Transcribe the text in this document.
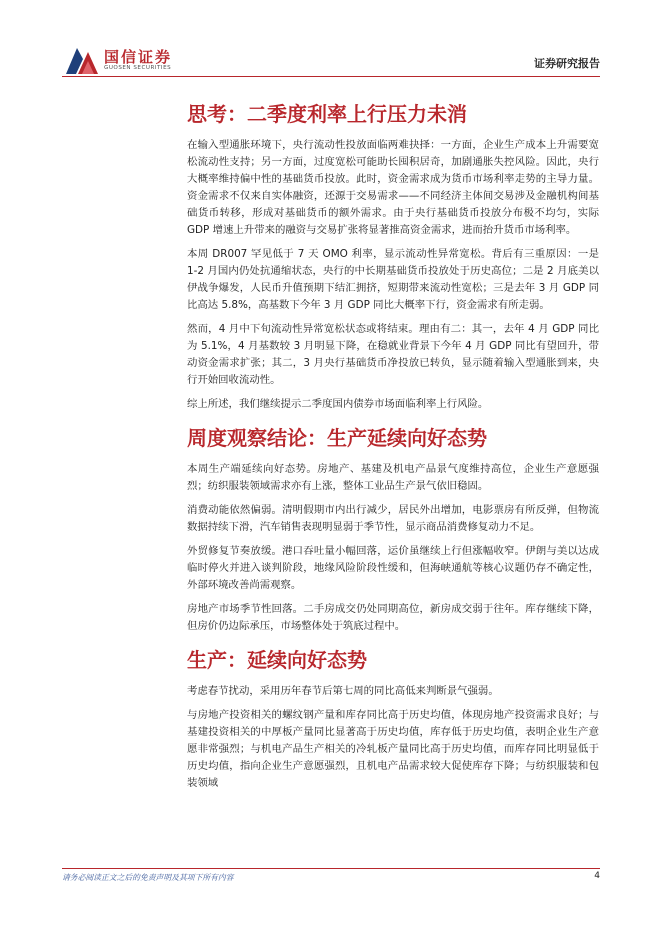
国信证券
GUOSEN SECURITIES	证券研究报告
思考：二季度利率上行压力未消

在输入型通胀环境下，央行流动性投放面临两难抉择：一方面，企业生产成本上升需要宽松流动性支持；另一方面，过度宽松可能助长囤积居奇，加剧通胀失控风险。因此，央行大概率维持偏中性的基础货币投放。此时，资金需求成为货币市场利率走势的主导力量。资金需求不仅来自实体融资，还源于交易需求——不同经济主体间交易涉及金融机构间基础货币转移，形成对基础货币的额外需求。由于央行基础货币投放分布极不均匀，实际 GDP 增速上升带来的融资与交易扩张将显著推高资金需求，进而抬升货币市场利率。

本周 DR007 罕见低于 7 天 OMO 利率，显示流动性异常宽松。背后有三重原因：一是 1-2 月国内仍处抗通缩状态，央行的中长期基础货币投放处于历史高位；二是 2 月底美以伊战争爆发，人民币升值预期下结汇拥挤，短期带来流动性宽松；三是去年 3 月 GDP 同比高达 5.8%，高基数下今年 3 月 GDP 同比大概率下行，资金需求有所走弱。

然而，4 月中下旬流动性异常宽松状态或将结束。理由有二：其一，去年 4 月 GDP 同比为 5.1%，4 月基数较 3 月明显下降，在稳就业背景下今年 4 月 GDP 同比有望回升，带动资金需求扩张；其二，3 月央行基础货币净投放已转负，显示随着输入型通胀到来，央行开始回收流动性。

综上所述，我们继续提示二季度国内债券市场面临利率上行风险。

周度观察结论：生产延续向好态势

本周生产端延续向好态势。房地产、基建及机电产品景气度维持高位，企业生产意愿强烈；纺织服装领域需求亦有上涨，整体工业品生产景气依旧稳固。

消费动能依然偏弱。清明假期市内出行减少，居民外出增加，电影票房有所反弹，但物流数据持续下滑，汽车销售表现明显弱于季节性，显示商品消费修复动力不足。

外贸修复节奏放缓。港口吞吐量小幅回落，运价虽继续上行但涨幅收窄。伊朗与美以达成临时停火并进入谈判阶段，地缘风险阶段性缓和，但海峡通航等核心议题仍存不确定性，外部环境改善尚需观察。

房地产市场季节性回落。二手房成交仍处同期高位，新房成交弱于往年。库存继续下降，但房价仍边际承压，市场整体处于筑底过程中。

生产：延续向好态势

考虑春节扰动，采用历年春节后第七周的同比高低来判断景气强弱。

与房地产投资相关的螺纹钢产量和库存同比高于历史均值，体现房地产投资需求良好；与基建投资相关的中厚板产量同比显著高于历史均值，库存低于历史均值，表明企业生产意愿非常强烈；与机电产品生产相关的冷轧板产量同比高于历史均值，而库存同比明显低于历史均值，指向企业生产意愿强烈，且机电产品需求较大促使库存下降；与纺织服装和包装领域

请务必阅读正文之后的免责声明及其项下所有内容	4
